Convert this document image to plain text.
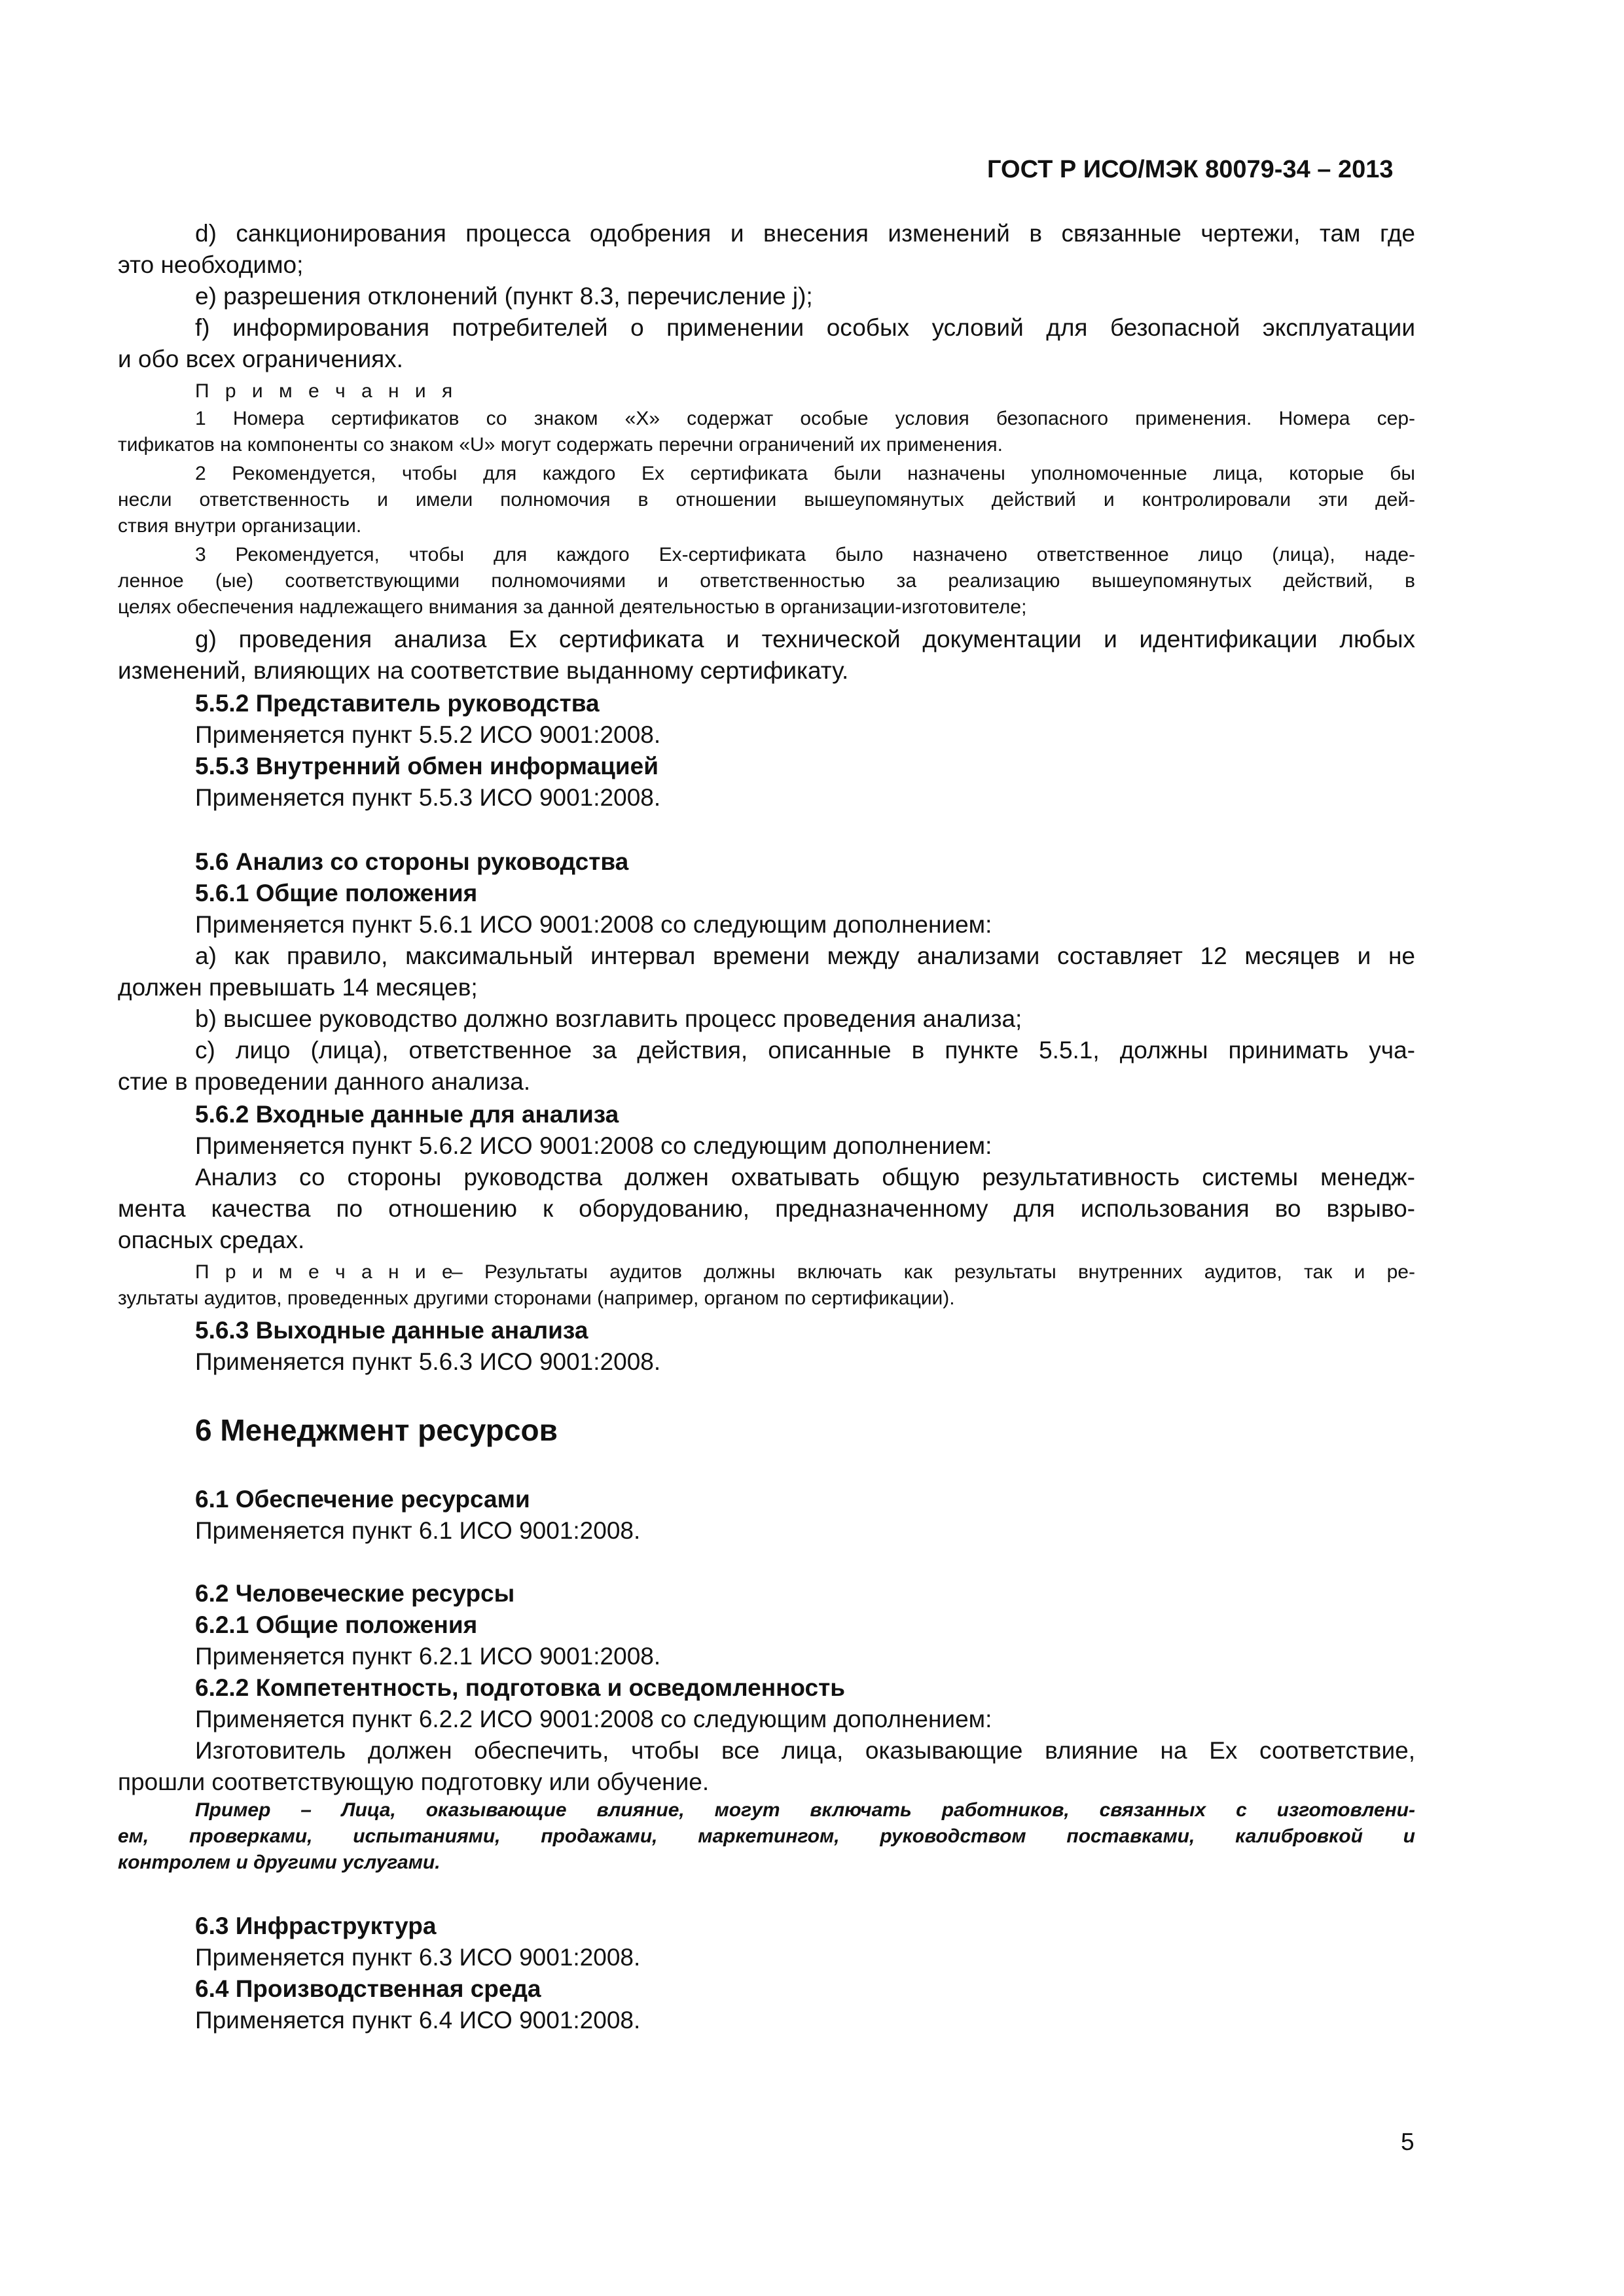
ГОСТ Р ИСО/МЭК 80079-34 – 2013
d) санкционирования процесса одобрения и внесения изменений в связанные чертежи, там где
это необходимо;
e) разрешения отклонений (пункт 8.3, перечисление j);
f) информирования потребителей о применении особых условий для безопасной эксплуатации
и обо всех ограничениях.
П р и м е ч а н и я
1 Номера сертификатов со знаком «Х» содержат особые условия безопасного применения. Номера сер-
тификатов на компоненты со знаком «U» могут содержать перечни ограничений их применения.
2 Рекомендуется, чтобы для каждого Ех сертификата были назначены уполномоченные лица, которые бы
несли ответственность и имели полномочия в отношении вышеупомянутых действий и контролировали эти дей-
ствия внутри организации.
3 Рекомендуется, чтобы для каждого Ех-сертификата было назначено ответственное лицо (лица), наде-
ленное (ые) соответствующими полномочиями и ответственностью за реализацию вышеупомянутых действий, в
целях обеспечения надлежащего внимания за данной деятельностью в организации-изготовителе;
g) проведения анализа Ех сертификата и технической документации и идентификации любых
изменений, влияющих на соответствие выданному сертификату.
5.5.2 Представитель руководства
Применяется пункт 5.5.2 ИСО 9001:2008.
5.5.3 Внутренний обмен информацией
Применяется пункт 5.5.3 ИСО 9001:2008.
5.6 Анализ со стороны руководства
5.6.1 Общие положения
Применяется пункт 5.6.1 ИСО 9001:2008 со следующим дополнением:
a) как правило, максимальный интервал времени между анализами составляет 12 месяцев и не
должен превышать 14 месяцев;
b) высшее руководство должно возглавить процесс проведения анализа;
c) лицо (лица), ответственное за действия, описанные в пункте 5.5.1, должны принимать уча-
стие в проведении данного анализа.
5.6.2 Входные данные для анализа
Применяется пункт 5.6.2 ИСО 9001:2008 со следующим дополнением:
Анализ со стороны руководства должен охватывать общую результативность системы менедж-
мента качества по отношению к оборудованию, предназначенному для использования во взрыво-
опасных средах.
П р и м е ч а н и е
– Результаты аудитов должны включать как результаты внутренних аудитов, так и ре-
зультаты аудитов, проведенных другими сторонами (например, органом по сертификации).
5.6.3 Выходные данные анализа
Применяется пункт 5.6.3 ИСО 9001:2008.
6 Менеджмент ресурсов
6.1 Обеспечение ресурсами
Применяется пункт 6.1 ИСО 9001:2008.
6.2 Человеческие ресурсы
6.2.1 Общие положения
Применяется пункт 6.2.1 ИСО 9001:2008.
6.2.2 Компетентность, подготовка и осведомленность
Применяется пункт 6.2.2 ИСО 9001:2008 со следующим дополнением:
Изготовитель должен обеспечить, чтобы все лица, оказывающие влияние на Ех соответствие,
прошли соответствующую подготовку или обучение.
Пример – Лица, оказывающие влияние, могут включать работников, связанных с изготовлени-
ем, проверками, испытаниями, продажами, маркетингом, руководством поставками, калибровкой и
контролем и другими услугами.
6.3 Инфраструктура
Применяется пункт 6.3 ИСО 9001:2008.
6.4 Производственная среда
Применяется пункт 6.4 ИСО 9001:2008.
5
